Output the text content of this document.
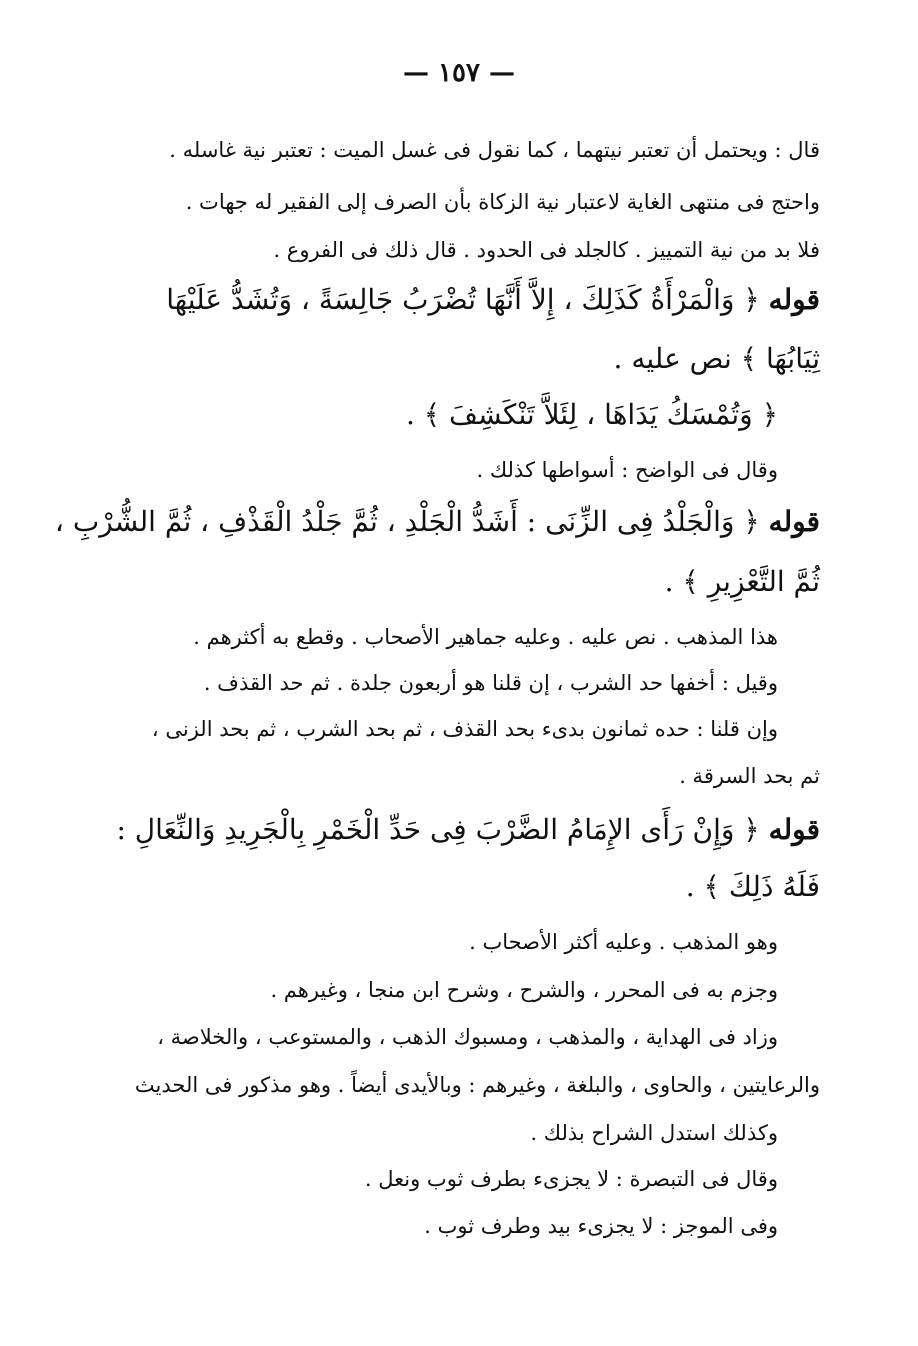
— ١٥٧ —
قال : ويحتمل أن تعتبر نيتهما ، كما نقول فى غسل الميت : تعتبر نية غاسله .
واحتج فى منتهى الغاية لاعتبار نية الزكاة بأن الصرف إلى الفقير له جهات .
فلا بد من نية التمييز . كالجلد فى الحدود . قال ذلك فى الفروع .
قوله ﴿ وَالْمَرْأَةُ كَذَلِكَ ، إِلاَّ أَنَّهَا تُضْرَبُ جَالِسَةً ، وَتُشَدُّ عَلَيْهَا
ثِيَابُهَا ﴾ نص عليه .
﴿ وَتُمْسَكُ يَدَاهَا ، لِئَلاَّ تَنْكَشِفَ ﴾ .
وقال فى الواضح : أسواطها كذلك .
قوله ﴿ وَالْجَلْدُ فِى الزِّنَى : أَشَدُّ الْجَلْدِ ، ثُمَّ جَلْدُ الْقَذْفِ ، ثُمَّ الشُّرْبِ ،
ثُمَّ التَّعْزِيرِ ﴾ .
هذا المذهب . نص عليه . وعليه جماهير الأصحاب . وقطع به أكثرهم .
وقيل : أخفها حد الشرب ، إن قلنا هو أربعون جلدة . ثم حد القذف .
وإن قلنا : حده ثمانون بدىء بحد القذف ، ثم بحد الشرب ، ثم بحد الزنى ،
ثم بحد السرقة .
قوله ﴿ وَإِنْ رَأَى الإِمَامُ الضَّرْبَ فِى حَدِّ الْخَمْرِ بِالْجَرِيدِ وَالنِّعَالِ :
فَلَهُ ذَلِكَ ﴾ .
وهو المذهب . وعليه أكثر الأصحاب .
وجزم به فى المحرر ، والشرح ، وشرح ابن منجا ، وغيرهم .
وزاد فى الهداية ، والمذهب ، ومسبوك الذهب ، والمستوعب ، والخلاصة ،
والرعايتين ، والحاوى ، والبلغة ، وغيرهم : وبالأيدى أيضاً . وهو مذكور فى الحديث
وكذلك استدل الشراح بذلك .
وقال فى التبصرة : لا يجزىء بطرف ثوب ونعل .
وفى الموجز : لا يجزىء بيد وطرف ثوب .
